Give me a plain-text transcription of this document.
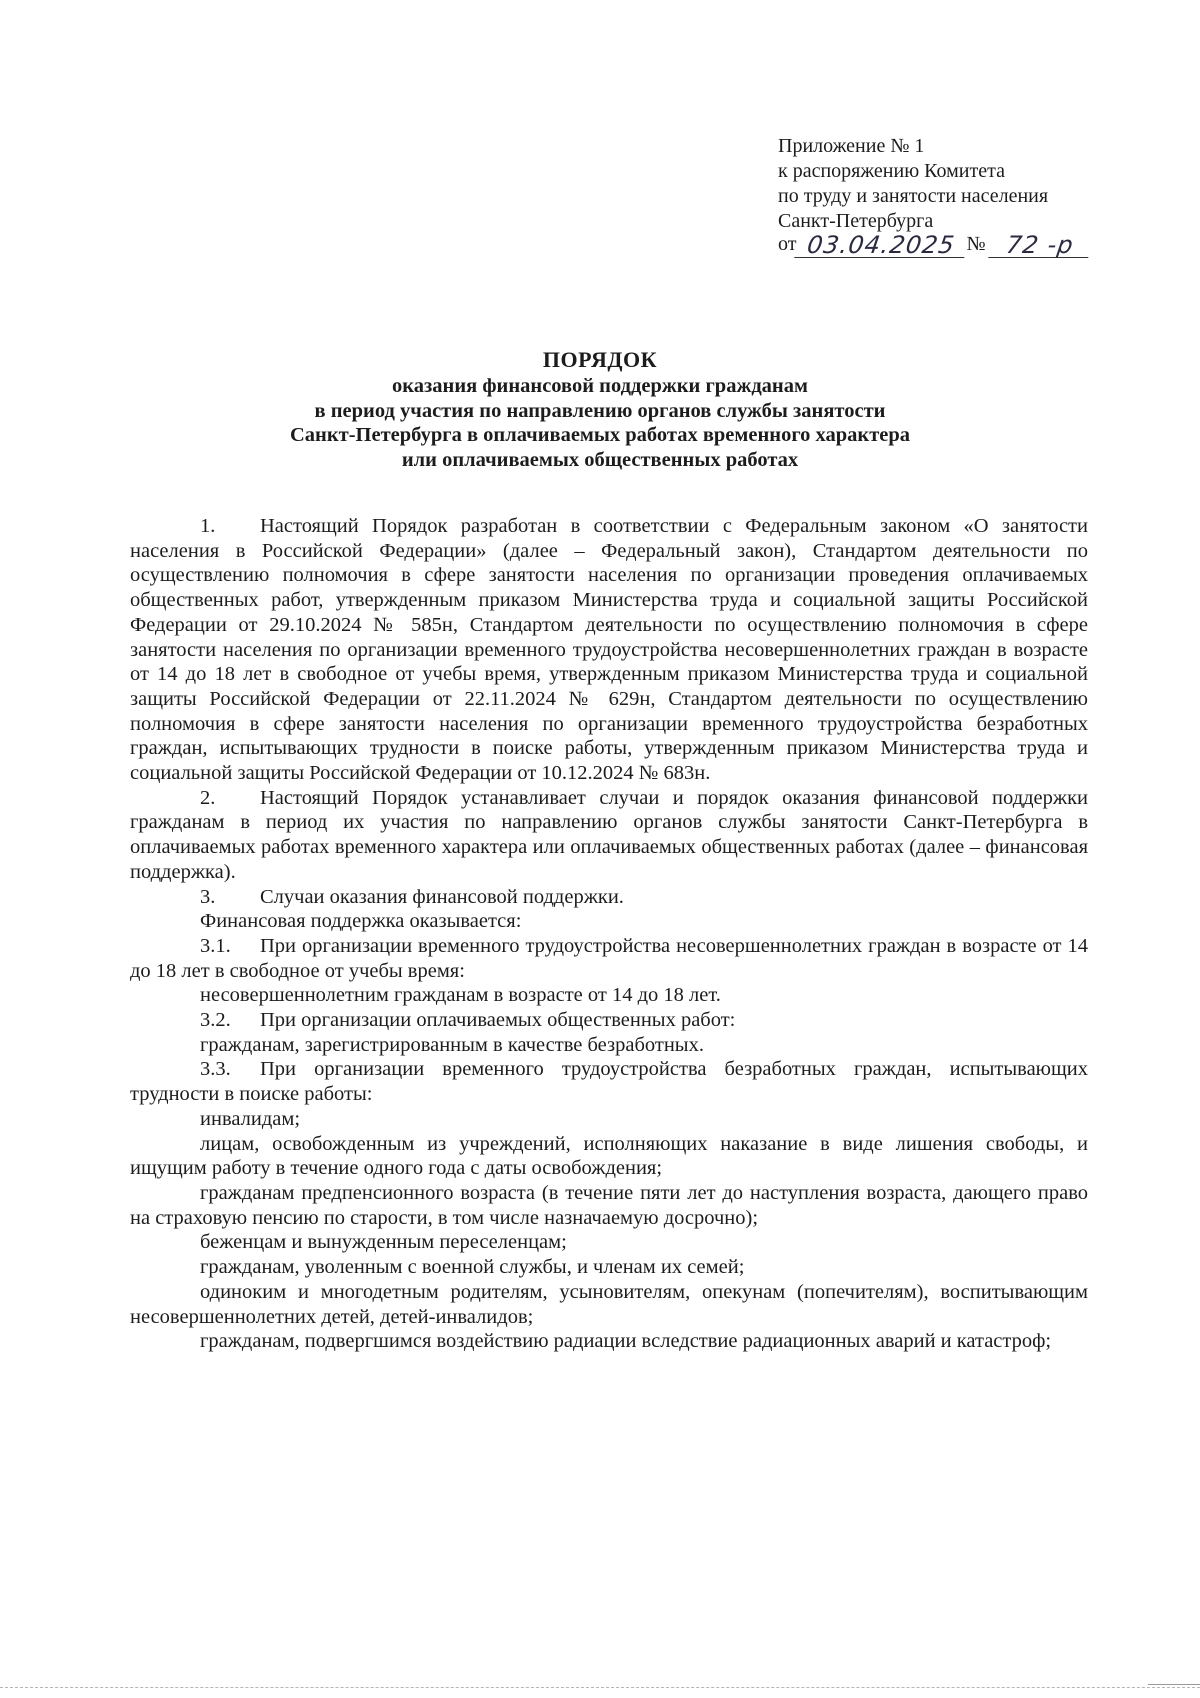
Приложение № 1
к распоряжению Комитета
по труду и занятости населения
Санкт-Петербурга
от 03.04.2025 № 72 -р
ПОРЯДОК
оказания финансовой поддержки гражданам
в период участия по направлению органов службы занятости
Санкт-Петербурга в оплачиваемых работах временного характера
или оплачиваемых общественных работах

1. Настоящий Порядок разработан в соответствии с Федеральным законом «О занятости населения в Российской Федерации» (далее – Федеральный закон), Стандартом деятельности по осуществлению полномочия в сфере занятости населения по организации проведения оплачиваемых общественных работ, утвержденным приказом Министерства труда и социальной защиты Российской Федерации от 29.10.2024 № 585н, Стандартом деятельности по осуществлению полномочия в сфере занятости населения по организации временного трудоустройства несовершеннолетних граждан в возрасте от 14 до 18 лет в свободное от учебы время, утвержденным приказом Министерства труда и социальной защиты Российской Федерации от 22.11.2024 № 629н, Стандартом деятельности по осуществлению полномочия в сфере занятости населения по организации временного трудоустройства безработных граждан, испытывающих трудности в поиске работы, утвержденным приказом Министерства труда и социальной защиты Российской Федерации от 10.12.2024 № 683н.

2. Настоящий Порядок устанавливает случаи и порядок оказания финансовой поддержки гражданам в период их участия по направлению органов службы занятости Санкт-Петербурга в оплачиваемых работах временного характера или оплачиваемых общественных работах (далее – финансовая поддержка).

3. Случаи оказания финансовой поддержки.

Финансовая поддержка оказывается:

3.1. При организации временного трудоустройства несовершеннолетних граждан в возрасте от 14 до 18 лет в свободное от учебы время:

несовершеннолетним гражданам в возрасте от 14 до 18 лет.

3.2. При организации оплачиваемых общественных работ:

гражданам, зарегистрированным в качестве безработных.

3.3. При организации временного трудоустройства безработных граждан, испытывающих трудности в поиске работы:

инвалидам;

лицам, освобожденным из учреждений, исполняющих наказание в виде лишения свободы, и ищущим работу в течение одного года с даты освобождения;

гражданам предпенсионного возраста (в течение пяти лет до наступления возраста, дающего право на страховую пенсию по старости, в том числе назначаемую досрочно);

беженцам и вынужденным переселенцам;

гражданам, уволенным с военной службы, и членам их семей;

одиноким и многодетным родителям, усыновителям, опекунам (попечителям), воспитывающим несовершеннолетних детей, детей-инвалидов;

гражданам, подвергшимся воздействию радиации вследствие радиационных аварий и катастроф;
